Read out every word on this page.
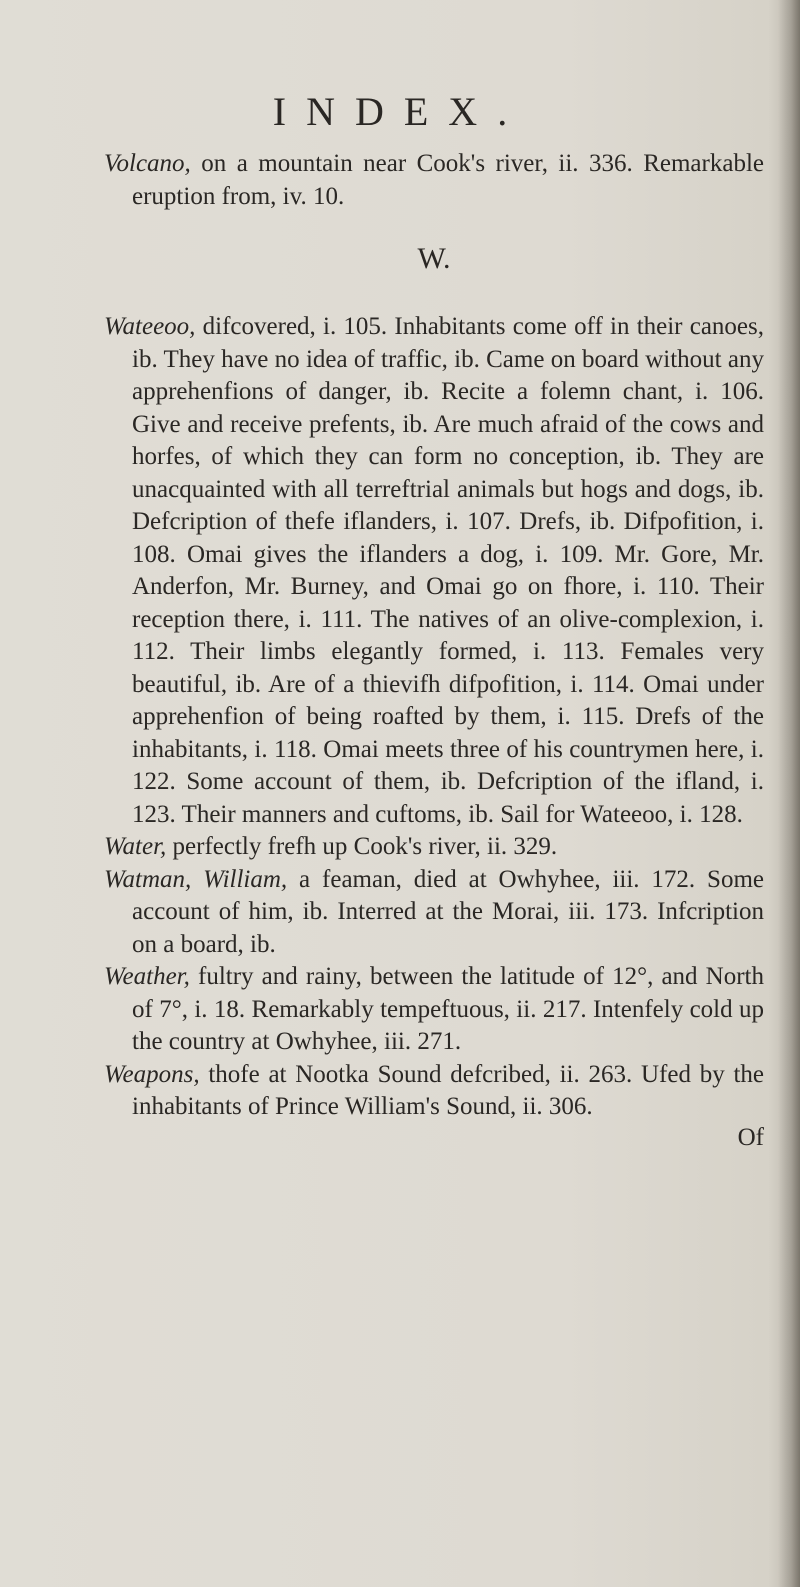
INDEX.

Volcano, on a mountain near Cook's river, ii. 336. Remarkable eruption from, iv. 10.

W.

Wateeoo, difcovered, i. 105. Inhabitants come off in their canoes, ib. They have no idea of traffic, ib. Came on board without any apprehenfions of danger, ib. Recite a folemn chant, i. 106. Give and receive prefents, ib. Are much afraid of the cows and horfes, of which they can form no conception, ib. They are unacquainted with all terreftrial animals but hogs and dogs, ib. Defcription of thefe iflanders, i. 107. Drefs, ib. Difpofition, i. 108. Omai gives the iflanders a dog, i. 109. Mr. Gore, Mr. Anderfon, Mr. Burney, and Omai go on fhore, i. 110. Their reception there, i. 111. The natives of an olive-complexion, i. 112. Their limbs elegantly formed, i. 113. Females very beautiful, ib. Are of a thievifh difpofition, i. 114. Omai under apprehenfion of being roafted by them, i. 115. Drefs of the inhabitants, i. 118. Omai meets three of his countrymen here, i. 122. Some account of them, ib. Defcription of the ifland, i. 123. Their manners and cuftoms, ib. Sail for Wateeoo, i. 128.

Water, perfectly frefh up Cook's river, ii. 329.

Watman, William, a feaman, died at Owhyhee, iii. 172. Some account of him, ib. Interred at the Morai, iii. 173. Infcription on a board, ib.

Weather, fultry and rainy, between the latitude of 12°, and North of 7°, i. 18. Remarkably tempeftuous, ii. 217. Intenfely cold up the country at Owhyhee, iii. 271.

Weapons, thofe at Nootka Sound defcribed, ii. 263. Ufed by the inhabitants of Prince William's Sound, ii. 306.

Of
